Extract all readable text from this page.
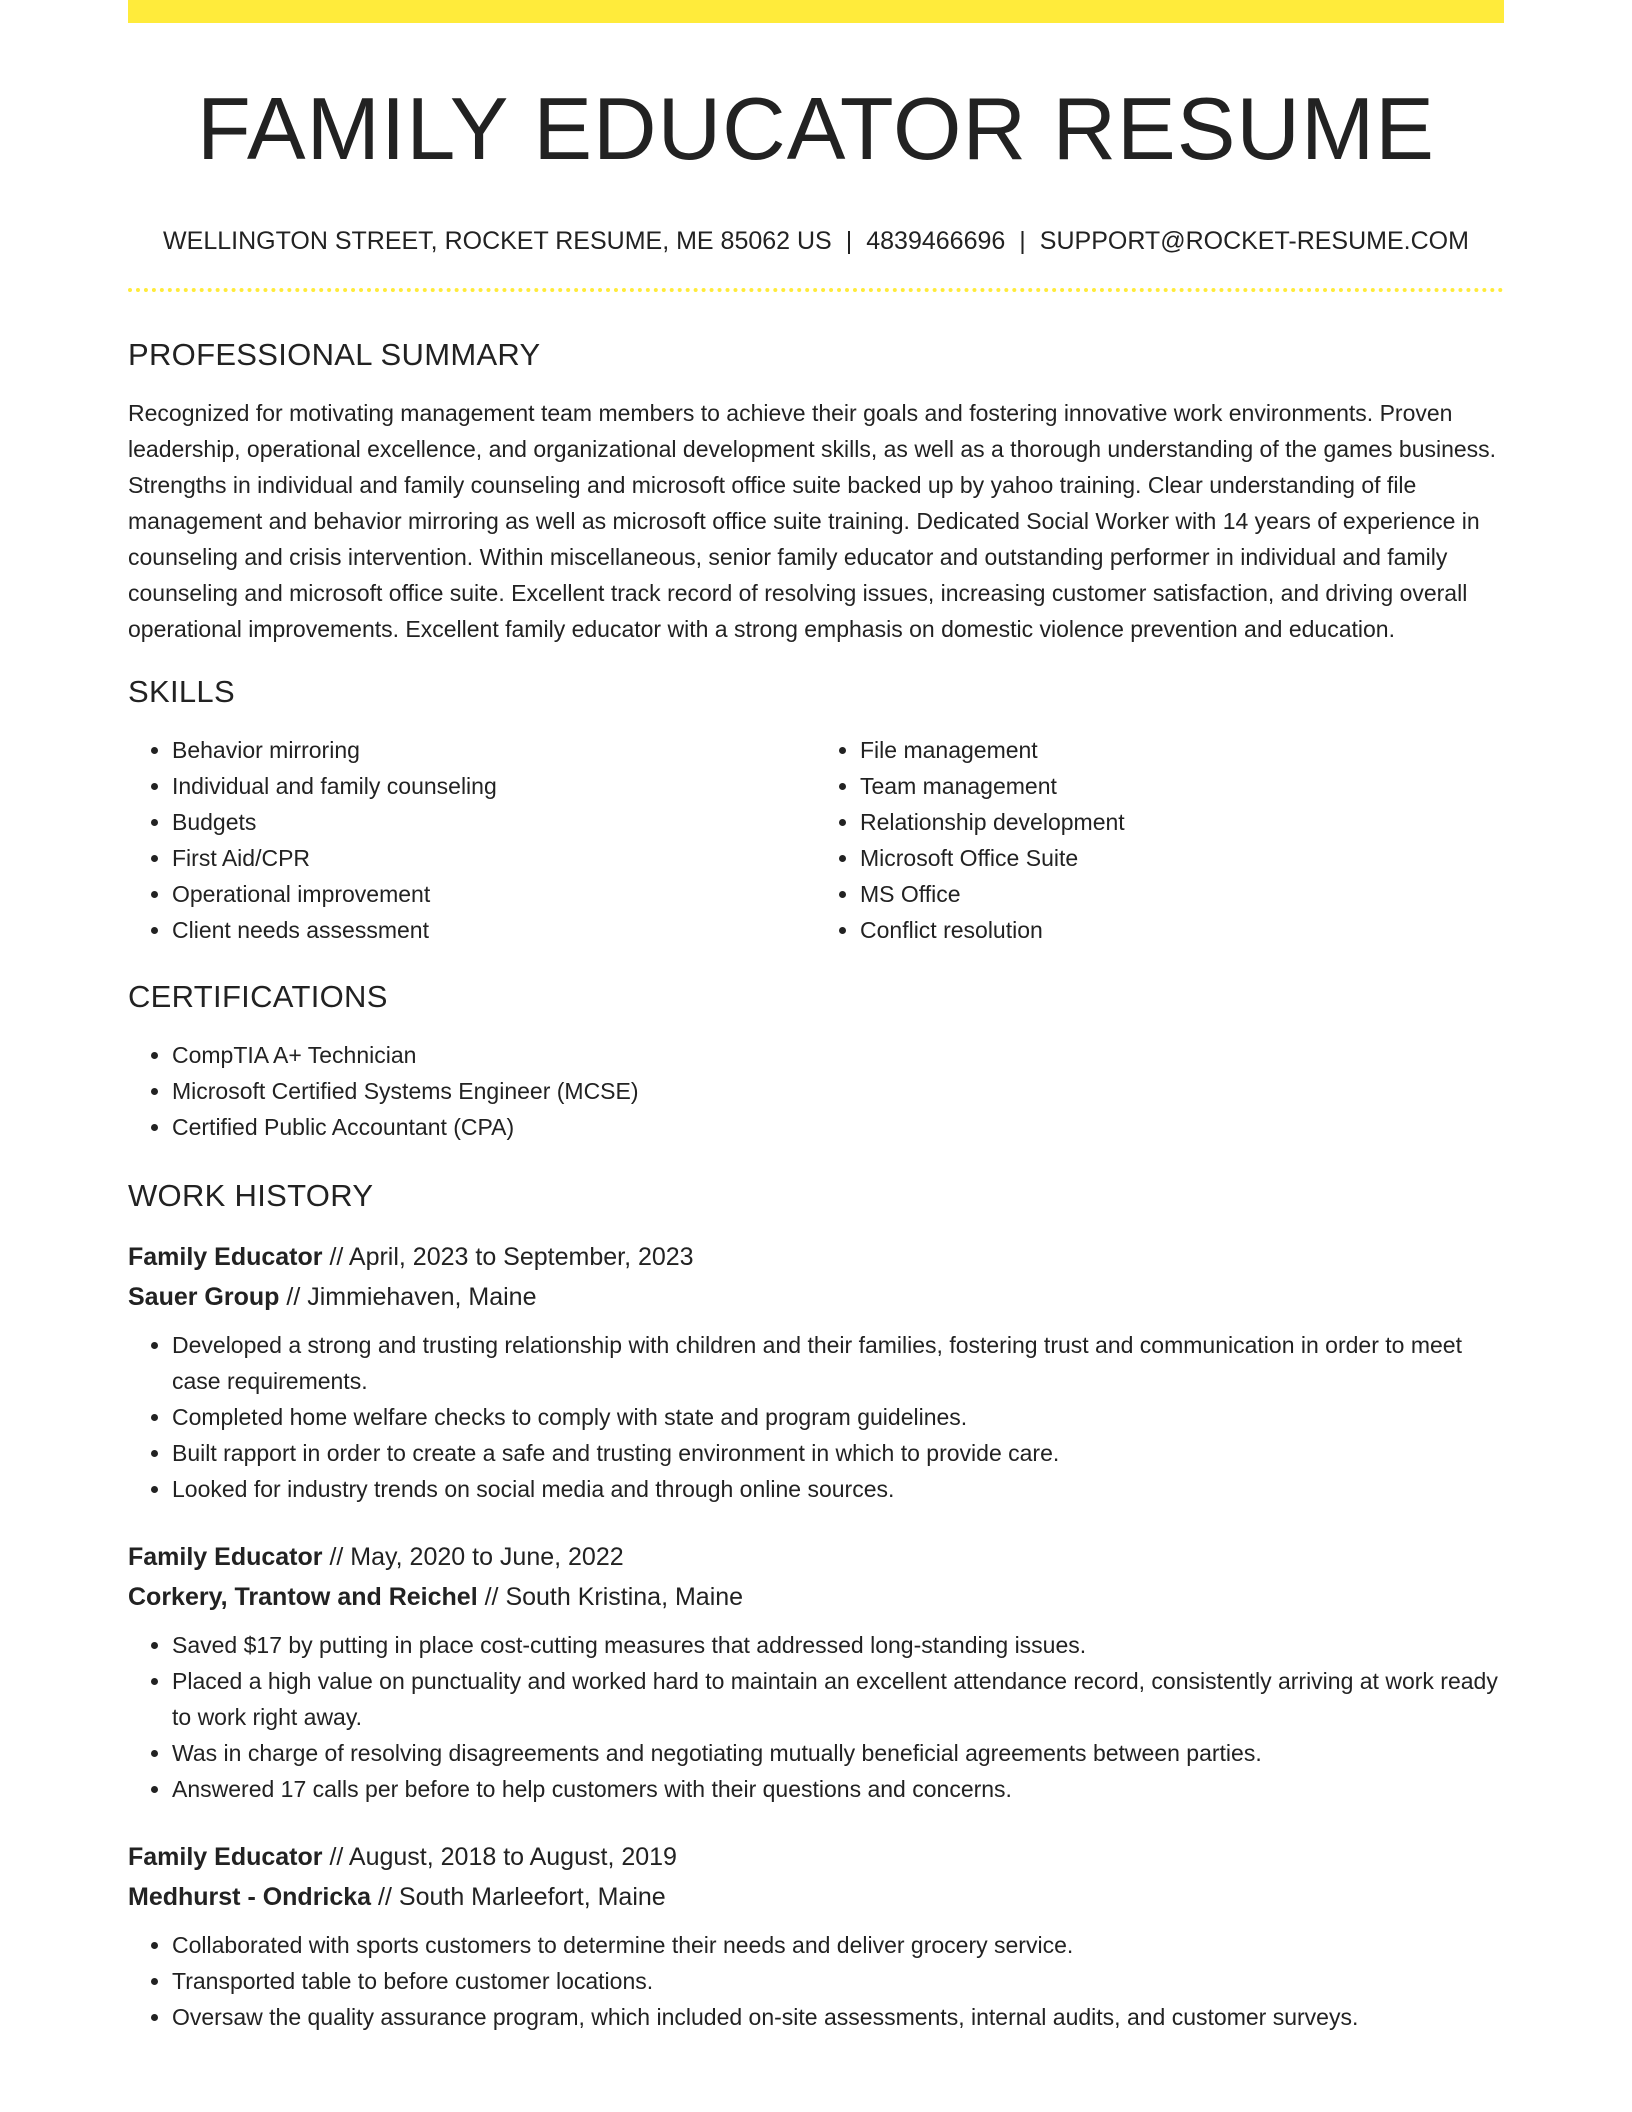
FAMILY EDUCATOR RESUME
WELLINGTON STREET, ROCKET RESUME, ME 85062 US | 4839466696 | SUPPORT@ROCKET-RESUME.COM
PROFESSIONAL SUMMARY
Recognized for motivating management team members to achieve their goals and fostering innovative work environments. Proven leadership, operational excellence, and organizational development skills, as well as a thorough understanding of the games business. Strengths in individual and family counseling and microsoft office suite backed up by yahoo training. Clear understanding of file management and behavior mirroring as well as microsoft office suite training. Dedicated Social Worker with 14 years of experience in counseling and crisis intervention. Within miscellaneous, senior family educator and outstanding performer in individual and family counseling and microsoft office suite. Excellent track record of resolving issues, increasing customer satisfaction, and driving overall operational improvements. Excellent family educator with a strong emphasis on domestic violence prevention and education.
SKILLS
• Behavior mirroring
• Individual and family counseling
• Budgets
• First Aid/CPR
• Operational improvement
• Client needs assessment
• File management
• Team management
• Relationship development
• Microsoft Office Suite
• MS Office
• Conflict resolution
CERTIFICATIONS
• CompTIA A+ Technician
• Microsoft Certified Systems Engineer (MCSE)
• Certified Public Accountant (CPA)
WORK HISTORY
Family Educator // April, 2023 to September, 2023
Sauer Group // Jimmiehaven, Maine
• Developed a strong and trusting relationship with children and their families, fostering trust and communication in order to meet case requirements.
• Completed home welfare checks to comply with state and program guidelines.
• Built rapport in order to create a safe and trusting environment in which to provide care.
• Looked for industry trends on social media and through online sources.
Family Educator // May, 2020 to June, 2022
Corkery, Trantow and Reichel // South Kristina, Maine
• Saved $17 by putting in place cost-cutting measures that addressed long-standing issues.
• Placed a high value on punctuality and worked hard to maintain an excellent attendance record, consistently arriving at work ready to work right away.
• Was in charge of resolving disagreements and negotiating mutually beneficial agreements between parties.
• Answered 17 calls per before to help customers with their questions and concerns.
Family Educator // August, 2018 to August, 2019
Medhurst - Ondricka // South Marleefort, Maine
• Collaborated with sports customers to determine their needs and deliver grocery service.
• Transported table to before customer locations.
• Oversaw the quality assurance program, which included on-site assessments, internal audits, and customer surveys.
